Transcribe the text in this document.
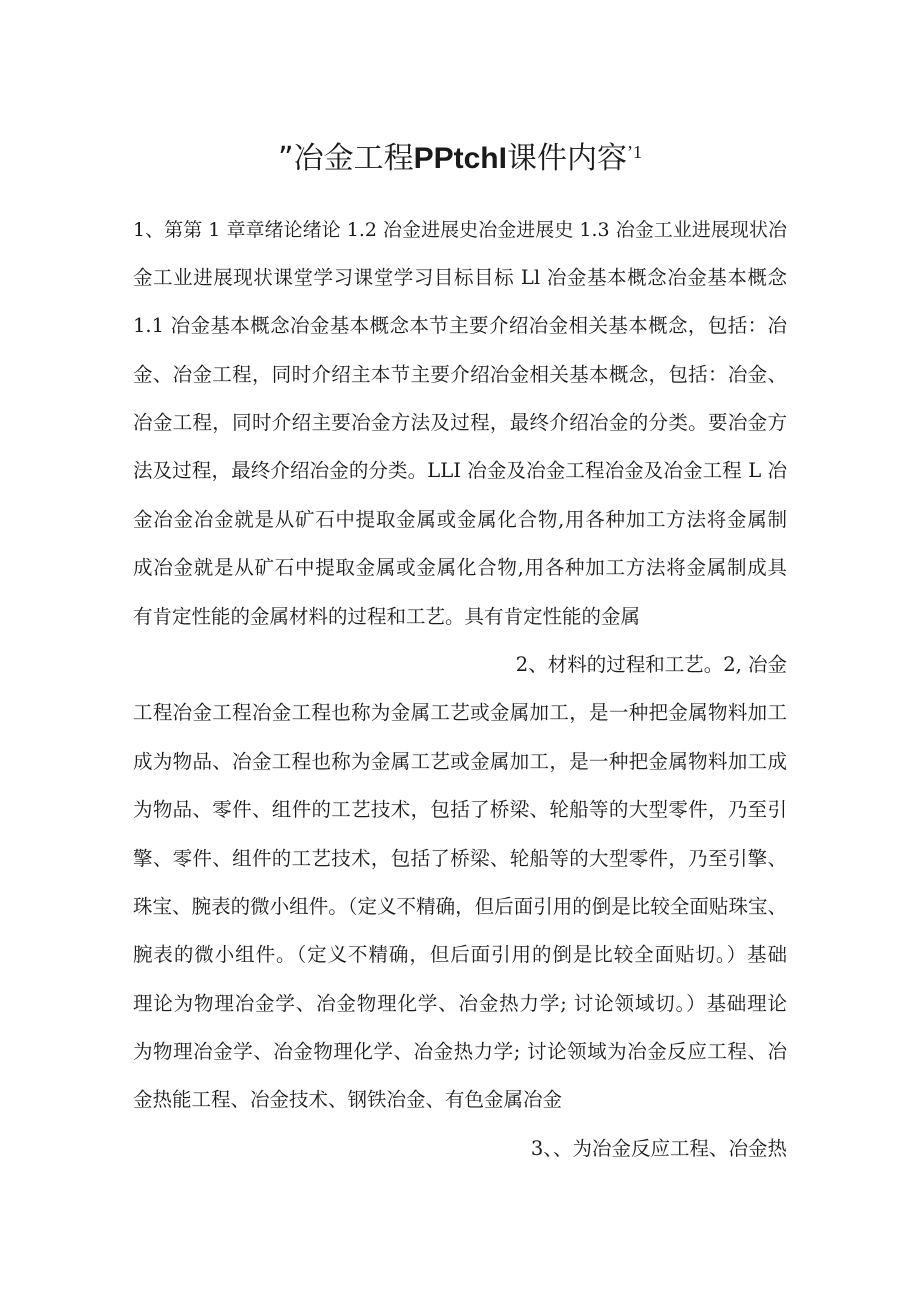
”冶金工程PPtchI课件内容$^{’1}$
1、第第 1 章章绪论绪论 1.2 冶金进展史冶金进展史 1.3 冶金工业进展现状冶
金工业进展现状课堂学习课堂学习目标目标 Ll 冶金基本概念冶金基本概念
1.1 冶金基本概念冶金基本概念本节主要介绍冶金相关基本概念，包括：冶
金、冶金工程，同时介绍主本节主要介绍冶金相关基本概念，包括：冶金、
冶金工程，同时介绍主要冶金方法及过程，最终介绍冶金的分类。要冶金方
法及过程，最终介绍冶金的分类。LLI 冶金及冶金工程冶金及冶金工程 L 冶
金冶金冶金就是从矿石中提取金属或金属化合物,用各种加工方法将金属制
成冶金就是从矿石中提取金属或金属化合物,用各种加工方法将金属制成具
有肯定性能的金属材料的过程和工艺。具有肯定性能的金属
2、材料的过程和工艺。2, 冶金
工程冶金工程冶金工程也称为金属工艺或金属加工，是一种把金属物料加工
成为物品、冶金工程也称为金属工艺或金属加工，是一种把金属物料加工成
为物品、零件、组件的工艺技术，包括了桥梁、轮船等的大型零件，乃至引
擎、零件、组件的工艺技术，包括了桥梁、轮船等的大型零件，乃至引擎、
珠宝、腕表的微小组件。（定义不精确，但后面引用的倒是比较全面贴珠宝、
腕表的微小组件。（定义不精确，但后面引用的倒是比较全面贴切。）基础
理论为物理冶金学、冶金物理化学、冶金热力学; 讨论领域切。）基础理论
为物理冶金学、冶金物理化学、冶金热力学; 讨论领域为冶金反应工程、冶
金热能工程、冶金技术、钢铁冶金、有色金属冶金
3、、为冶金反应工程、冶金热
